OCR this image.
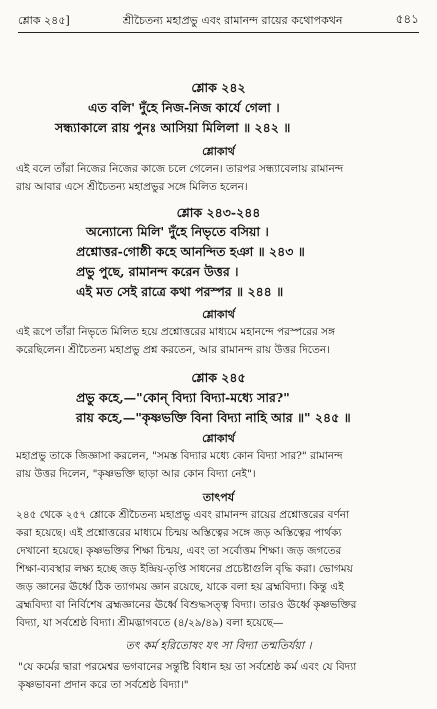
শ্লোক ২৪৫]	শ্রীচৈতন্য মহাপ্রভু এবং রামানন্দ রায়ের কথোপকথন	৫৪১
শ্লোক ২৪২
এত বলি' দুঁহে নিজ-নিজ কার্যে গেলা ।
সন্ধ্যাকালে রায় পুনঃ আসিয়া মিলিলা ॥ ২৪২ ॥
শ্লোকার্থ
এই বলে তাঁরা নিজের নিজের কাজে চলে গেলেন। তারপর সন্ধ্যাবেলায় রামানন্দ
রায় আবার এসে শ্রীচৈতন্য মহাপ্রভুর সঙ্গে মিলিত হলেন।
শ্লোক ২৪৩-২৪৪
অন্যোন্যে মিলি' দুঁহে নিভৃতে বসিয়া ।
প্রশ্নোত্তর-গোষ্ঠী কহে আনন্দিত হঞা ॥ ২৪৩ ॥
প্রভু পুছে, রামানন্দ করেন উত্তর ।
এই মত সেই রাত্রে কথা পরস্পর ॥ ২৪৪ ॥
শ্লোকার্থ
এই রূপে তাঁরা নিভৃতে মিলিত হয়ে প্রশ্নোত্তরের মাধ্যমে মহানন্দে পরস্পরের সঙ্গ
করেছিলেন। শ্রীচৈতন্য মহাপ্রভু প্রশ্ন করতেন, আর রামানন্দ রায় উত্তর দিতেন।
শ্লোক ২৪৫
প্রভু কহে,—"কোন্ বিদ্যা বিদ্যা-মধ্যে সার?"
রায় কহে,—"কৃষ্ণভক্তি বিনা বিদ্যা নাহি আর ॥" ২৪৫ ॥
শ্লোকার্থ
মহাপ্রভু তাকে জিজ্ঞাসা করলেন, "সমস্ত বিদ্যার মধ্যে কোন বিদ্যা সার?" রামানন্দ
রায় উত্তর দিলেন, "কৃষ্ণভক্তি ছাড়া আর কোন বিদ্যা নেই"।
তাৎপর্য
২৪৫ থেকে ২৫৭ শ্লোকে শ্রীচৈতন্য মহাপ্রভু এবং রামানন্দ রায়ের প্রশ্নোত্তরের বর্ণনা
করা হয়েছে। এই প্রশ্নোত্তরের মাধ্যমে চিন্ময় অস্তিত্বের সঙ্গে জড় অস্তিত্বের পার্থক্য
দেখানো হয়েছে। কৃষ্ণভক্তির শিক্ষা চিন্ময়, এবং তা সর্বোত্তম শিক্ষা। জড় জগতের
শিক্ষা-ব্যবস্থার লক্ষ্য হচ্ছে জড় ইন্দ্রিয়-তৃপ্তি সাধনের প্রচেষ্টাগুলি বৃদ্ধি করা। ভোগময়
জড় জ্ঞানের ঊর্ধ্বে ঠিক ত্যাগময় জ্ঞান রয়েছে, যাকে বলা হয় ব্রহ্মবিদ্যা। কিন্তু এই
ব্রহ্মবিদ্যা বা নির্বিশেষ ব্রহ্মজ্ঞানের ঊর্ধ্বে বিশুদ্ধসত্ত্ব বিদ্যা। তারও ঊর্ধ্বে কৃষ্ণভক্তির
বিদ্যা, যা সর্বশ্রেষ্ঠ বিদ্যা। শ্রীমদ্ভাগবতে (৪/২৯/৪৯) বলা হয়েছে—
তৎ কর্ম হরিতোষং যৎ সা বিদ্যা তন্মতির্যয়া ।
"যে কর্মের দ্বারা পরমেশ্বর ভগবানের সন্তুষ্টি বিধান হয় তা সর্বশ্রেষ্ঠ কর্ম এবং যে বিদ্যা
কৃষ্ণভাবনা প্রদান করে তা সর্বশ্রেষ্ঠ বিদ্যা।"
